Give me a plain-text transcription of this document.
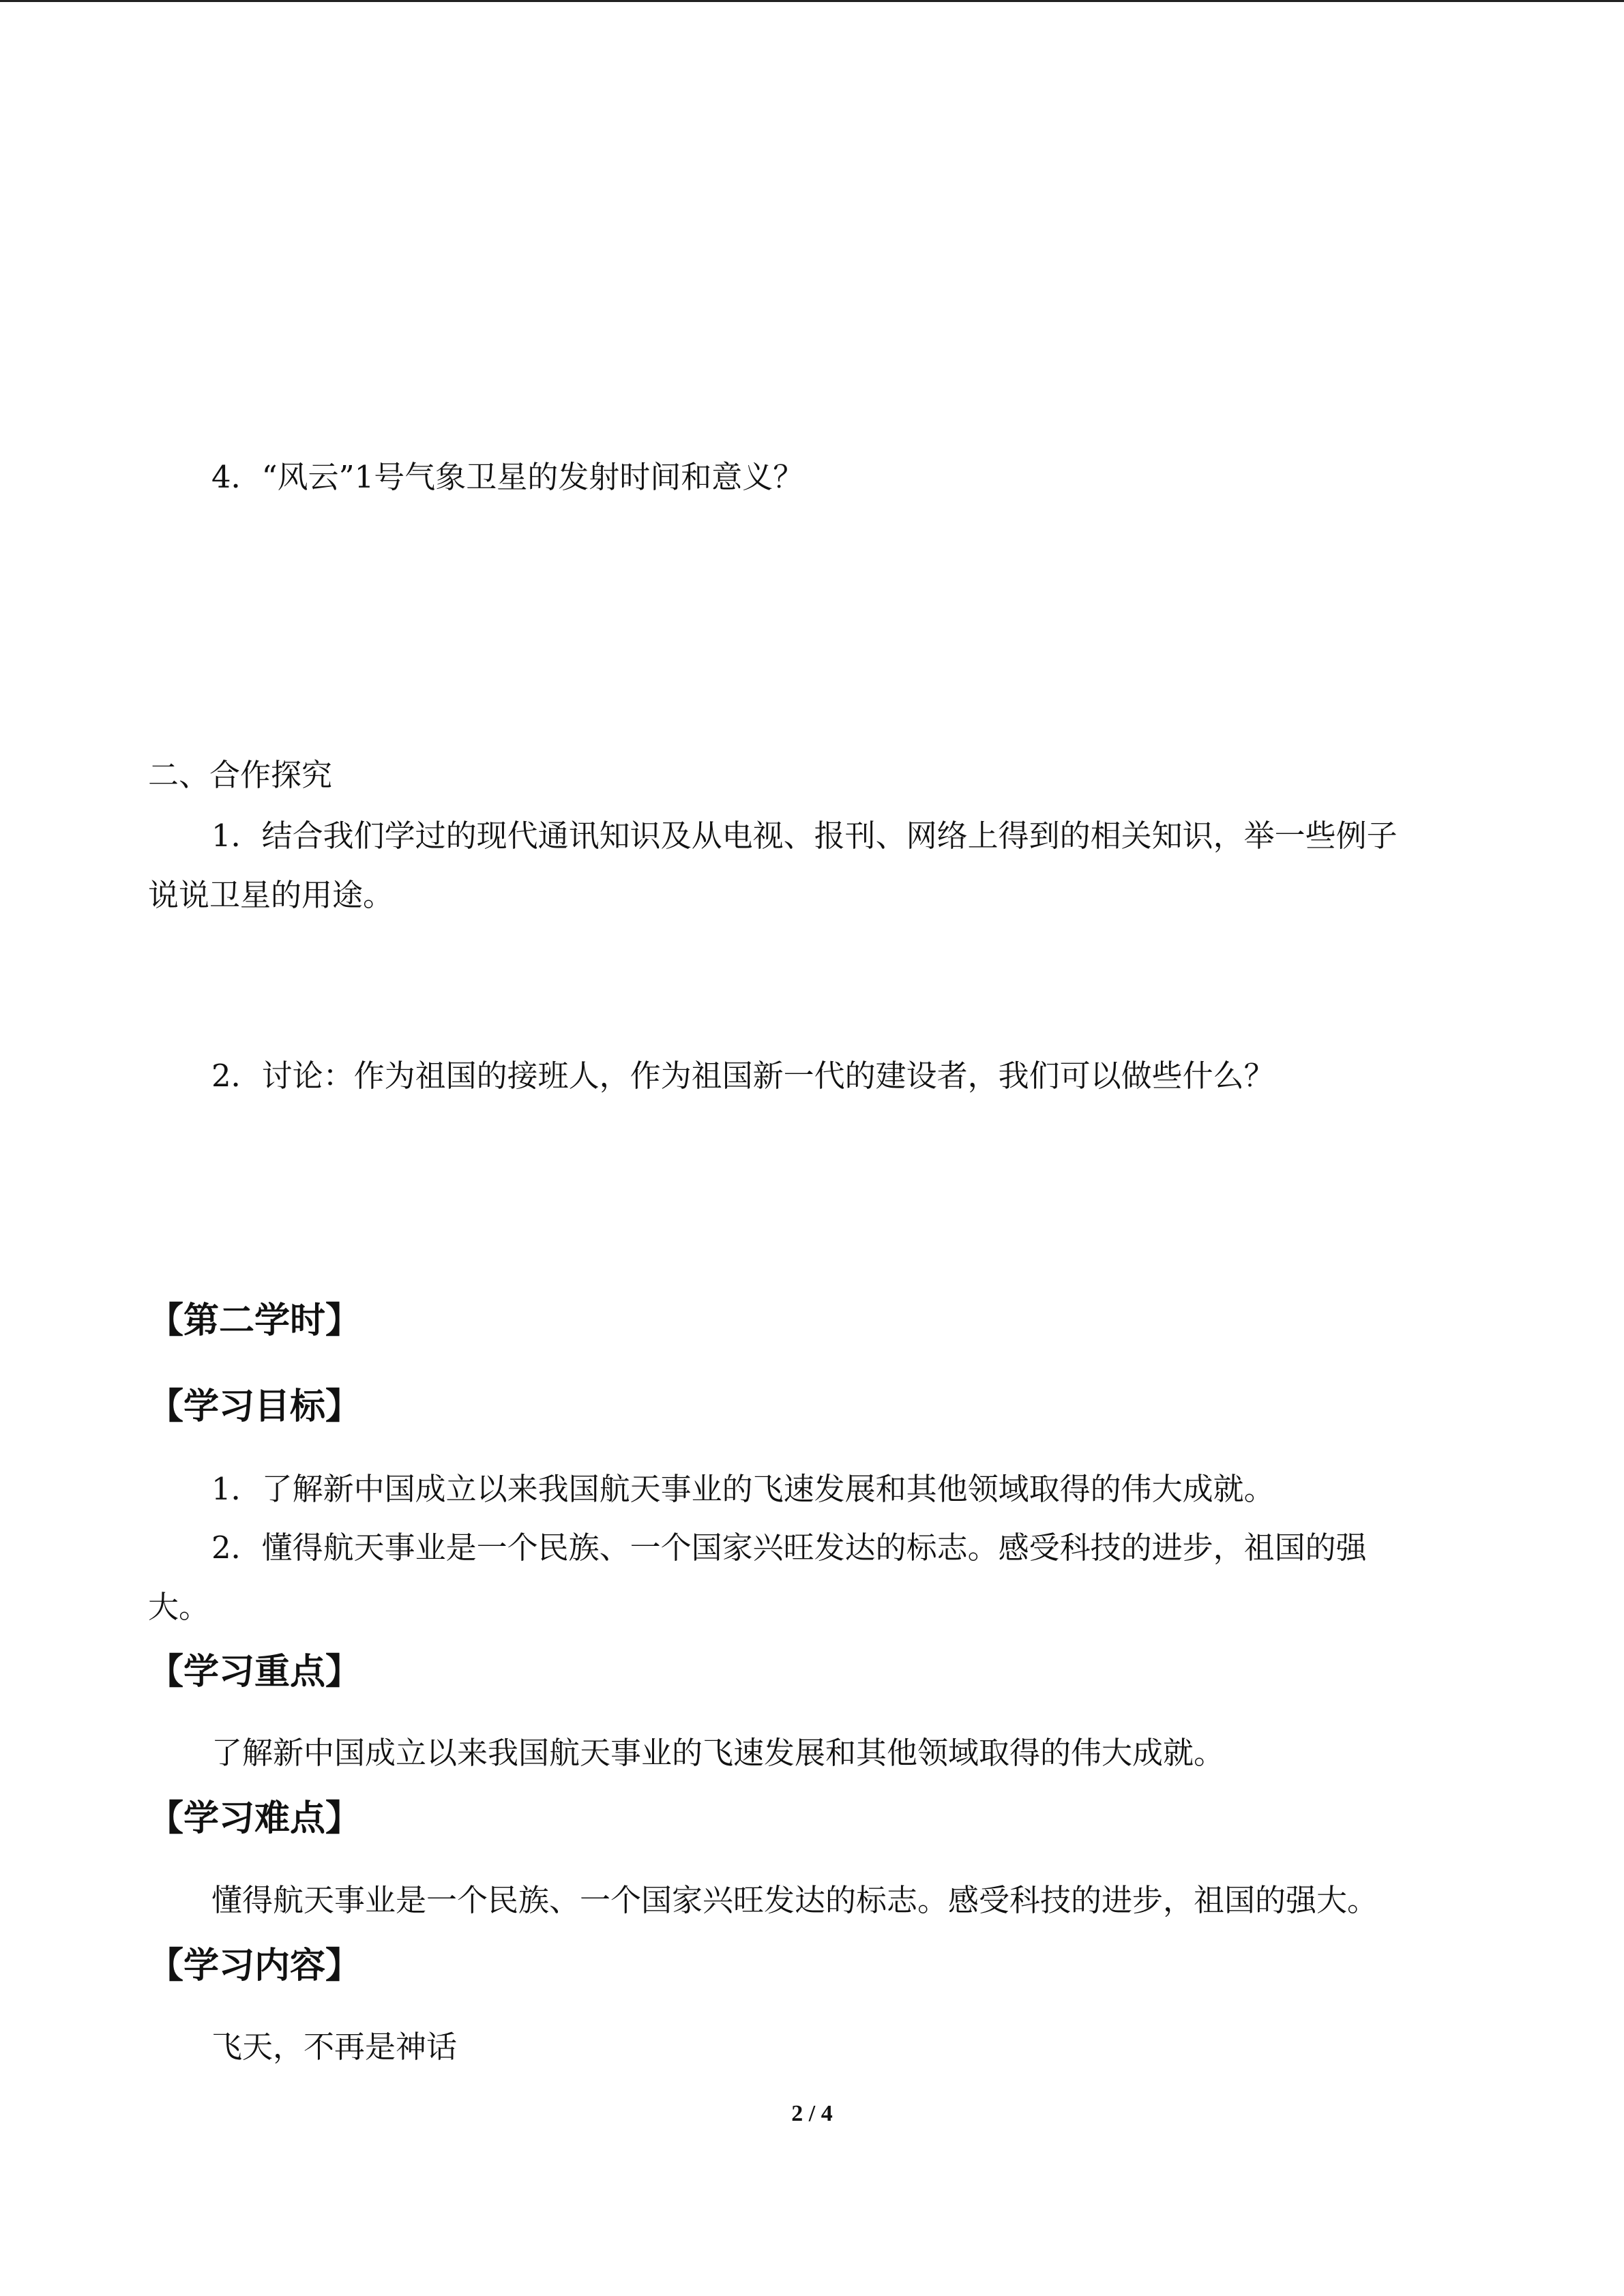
4．“风云”1号气象卫星的发射时间和意义？
二、合作探究
1．结合我们学过的现代通讯知识及从电视、报刊、网络上得到的相关知识，举一些例子
说说卫星的用途。
2．讨论：作为祖国的接班人，作为祖国新一代的建设者，我们可以做些什么？
【第二学时】
【学习目标】
1．了解新中国成立以来我国航天事业的飞速发展和其他领域取得的伟大成就。
2．懂得航天事业是一个民族、一个国家兴旺发达的标志。感受科技的进步，祖国的强
大。
【学习重点】
了解新中国成立以来我国航天事业的飞速发展和其他领域取得的伟大成就。
【学习难点】
懂得航天事业是一个民族、一个国家兴旺发达的标志。感受科技的进步，祖国的强大。
【学习内容】
飞天，不再是神话
2 / 4
